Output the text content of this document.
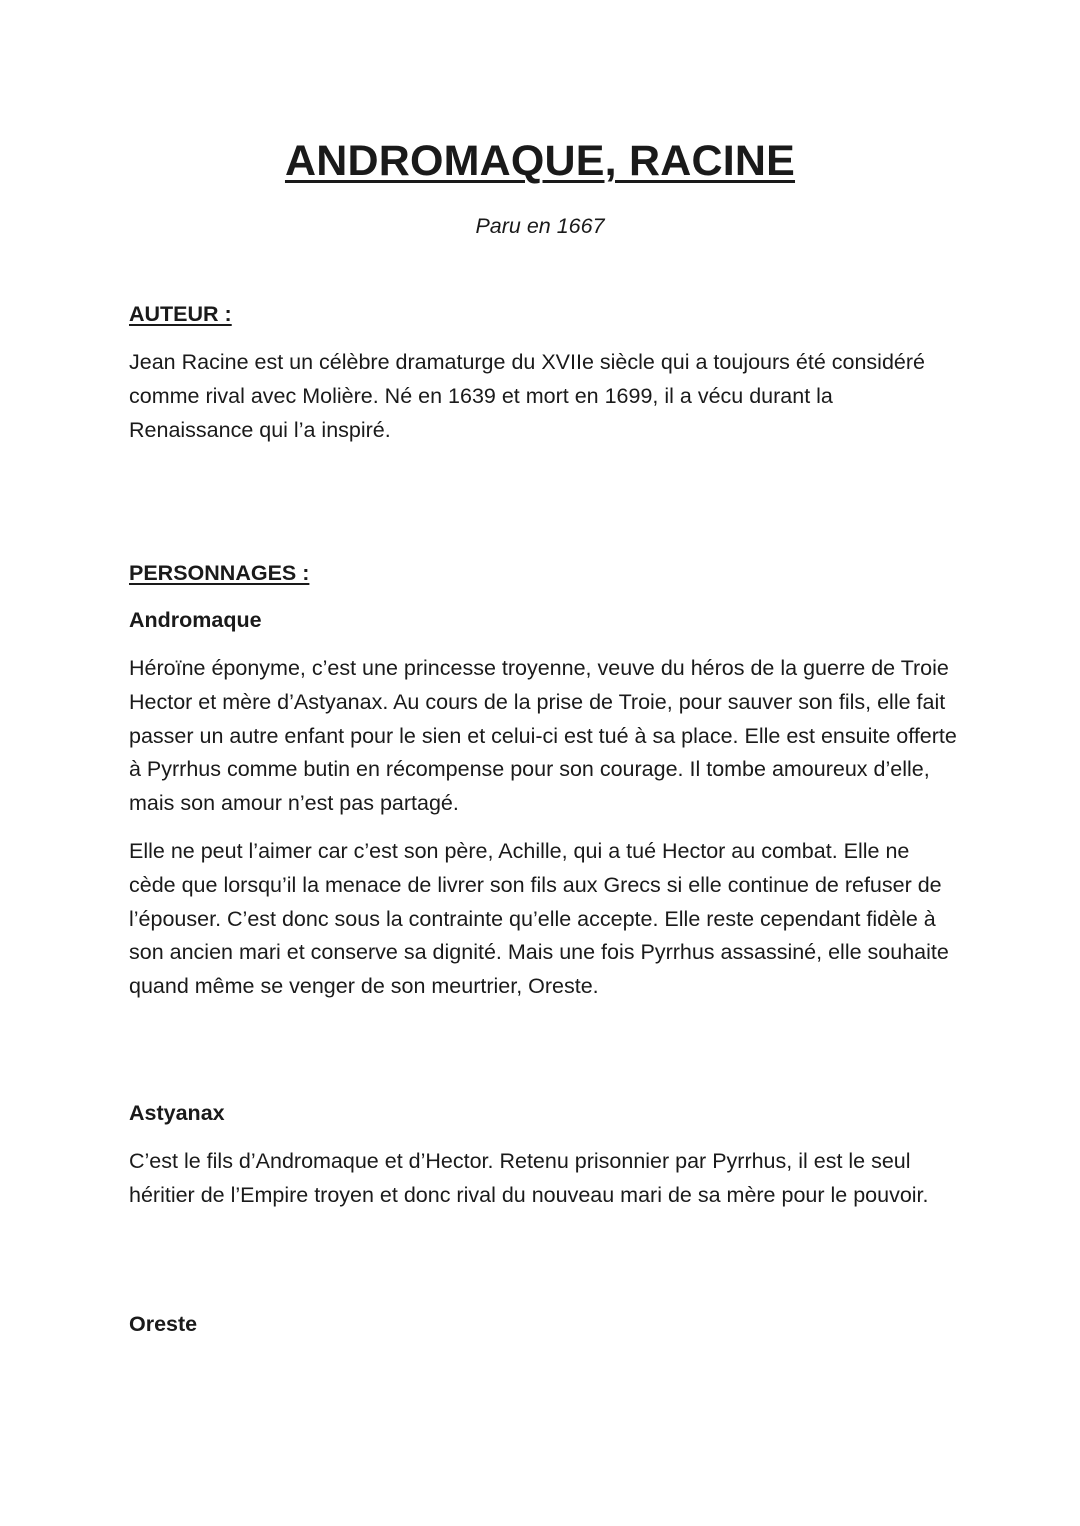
ANDROMAQUE, RACINE
Paru en 1667
AUTEUR :

Jean Racine est un célèbre dramaturge du XVIIe siècle qui a toujours été considéré comme rival avec Molière. Né en 1639 et mort en 1699, il a vécu durant la Renaissance qui l’a inspiré.

PERSONNAGES :
Andromaque

Héroïne éponyme, c’est une princesse troyenne, veuve du héros de la guerre de Troie Hector et mère d’Astyanax. Au cours de la prise de Troie, pour sauver son fils, elle fait passer un autre enfant pour le sien et celui-ci est tué à sa place. Elle est ensuite offerte à Pyrrhus comme butin en récompense pour son courage. Il tombe amoureux d’elle, mais son amour n’est pas partagé.

Elle ne peut l’aimer car c’est son père, Achille, qui a tué Hector au combat. Elle ne cède que lorsqu’il la menace de livrer son fils aux Grecs si elle continue de refuser de l’épouser. C’est donc sous la contrainte qu’elle accepte. Elle reste cependant fidèle à son ancien mari et conserve sa dignité. Mais une fois Pyrrhus assassiné, elle souhaite quand même se venger de son meurtrier, Oreste.

Astyanax

C’est le fils d’Andromaque et d’Hector. Retenu prisonnier par Pyrrhus, il est le seul héritier de l’Empire troyen et donc rival du nouveau mari de sa mère pour le pouvoir.

Oreste
